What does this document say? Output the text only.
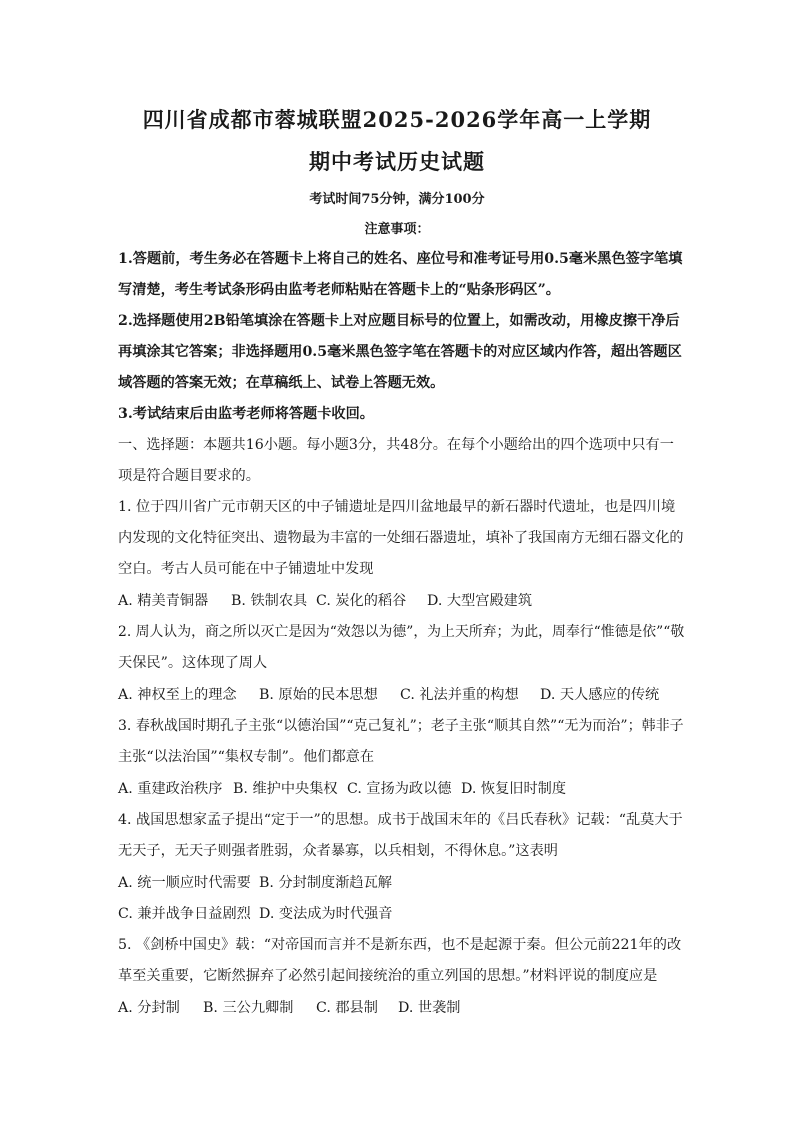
四川省成都市蓉城联盟2025-2026学年高一上学期
期中考试历史试题
考试时间75分钟，满分100分
注意事项：
1.答题前，考生务必在答题卡上将自己的姓名、座位号和准考证号用0.5毫米黑色签字笔填
写清楚，考生考试条形码由监考老师粘贴在答题卡上的“贴条形码区”。
2.选择题使用2B铅笔填涂在答题卡上对应题目标号的位置上，如需改动，用橡皮擦干净后
再填涂其它答案；非选择题用0.5毫米黑色签字笔在答题卡的对应区域内作答，超出答题区
域答题的答案无效；在草稿纸上、试卷上答题无效。
3.考试结束后由监考老师将答题卡收回。
一、选择题：本题共16小题。每小题3分，共48分。在每个小题给出的四个选项中只有一
项是符合题目要求的。
1. 位于四川省广元市朝天区的中子铺遗址是四川盆地最早的新石器时代遗址，也是四川境
内发现的文化特征突出、遗物最为丰富的一处细石器遗址，填补了我国南方无细石器文化的
空白。考古人员可能在中子铺遗址中发现
A. 精美青铜器 B. 铁制农具 C. 炭化的稻谷 D. 大型宫殿建筑
2. 周人认为，商之所以灭亡是因为“效怨以为德”，为上天所弃；为此，周奉行“惟德是依”“敬
天保民”。这体现了周人
A. 神权至上的理念 B. 原始的民本思想 C. 礼法并重的构想 D. 天人感应的传统
3. 春秋战国时期孔子主张“以德治国”“克己复礼”；老子主张“顺其自然”“无为而治”；韩非子
主张“以法治国”“集权专制”。他们都意在
A. 重建政治秩序 B. 维护中央集权 C. 宣扬为政以德 D. 恢复旧时制度
4. 战国思想家孟子提出“定于一”的思想。成书于战国末年的《吕氏春秋》记载：“乱莫大于
无天子，无天子则强者胜弱，众者暴寡，以兵相刬，不得休息。”这表明
A. 统一顺应时代需要 B. 分封制度渐趋瓦解
C. 兼并战争日益剧烈 D. 变法成为时代强音
5. 《剑桥中国史》载：“对帝国而言并不是新东西，也不是起源于秦。但公元前221年的改
革至关重要，它断然摒弃了必然引起间接统治的重立列国的思想。”材料评说的制度应是
A. 分封制 B. 三公九卿制 C. 郡县制 D. 世袭制
